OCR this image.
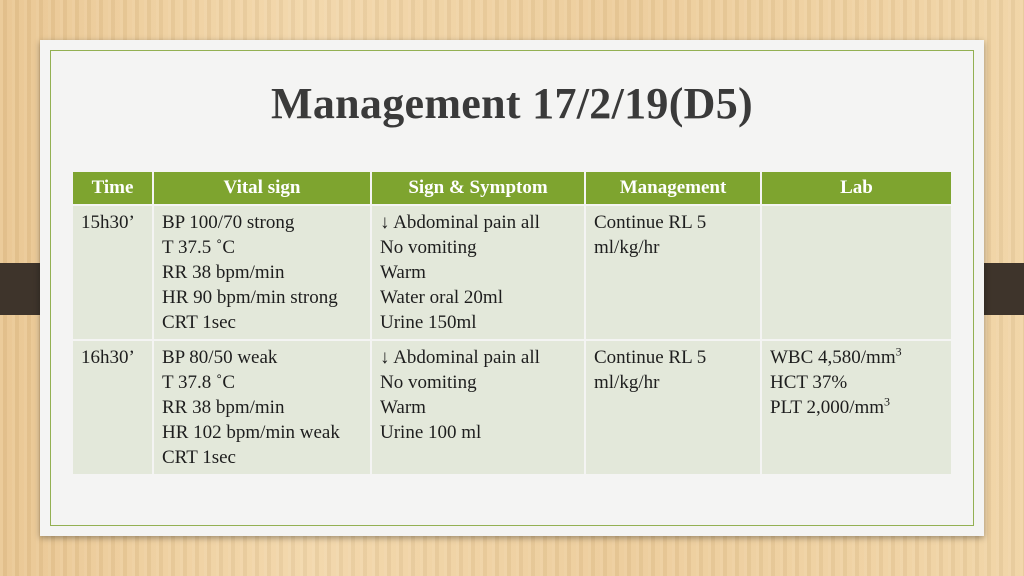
Management 17/2/19(D5)
Time	Vital sign	Sign & Symptom	Management	Lab
15h30’	BP 100/70 strong
T 37.5 ˚C
RR 38 bpm/min
HR 90 bpm/min strong
CRT 1sec	↓ Abdominal pain all
No vomiting
Warm
Water oral 20ml
Urine 150ml	Continue RL 5
ml/kg/hr	

16h30’	BP 80/50 weak
T 37.8 ˚C
RR 38 bpm/min
HR 102 bpm/min weak
CRT 1sec	↓ Abdominal pain all
No vomiting
Warm
Urine 100 ml	Continue RL 5
ml/kg/hr	WBC $4,580/mm^3$
HCT 37%
PLT $2,000/mm^3$
